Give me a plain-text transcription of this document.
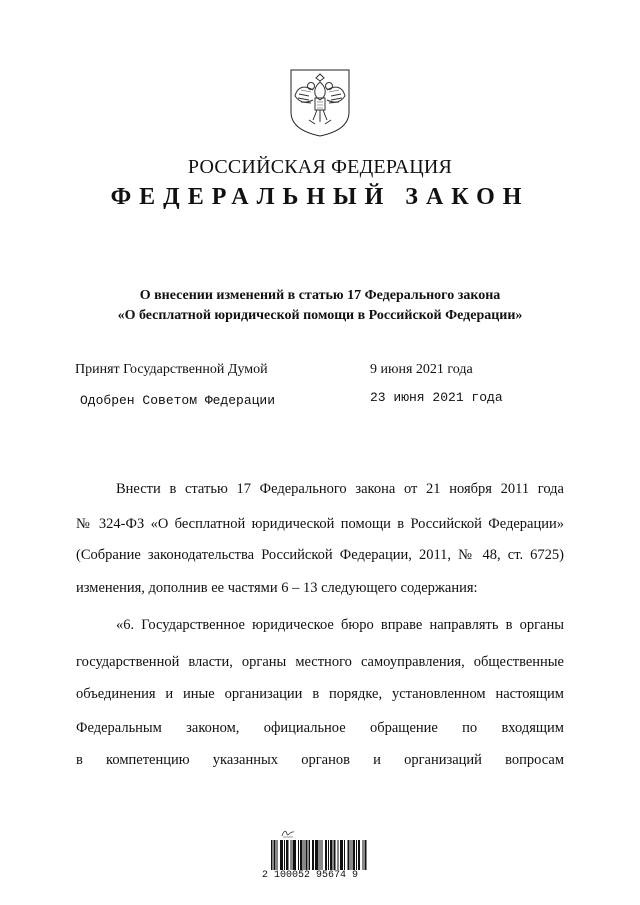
РОССИЙСКАЯ ФЕДЕРАЦИЯ
ФЕДЕРАЛЬНЫЙ ЗАКОН
О внесении изменений в статью 17 Федерального закона
«О бесплатной юридической помощи в Российской Федерации»
Принят Государственной Думой	9 июня 2021 года
Одобрен Советом Федерации	23 июня 2021 года
Внести в статью 17 Федерального закона от 21 ноября 2011 года
№ 324-ФЗ «О бесплатной юридической помощи в Российской Федерации»
(Собрание законодательства Российской Федерации, 2011, № 48, ст. 6725)
изменения, дополнив ее частями 6 – 13 следующего содержания:
«6. Государственное юридическое бюро вправе направлять в органы
государственной власти, органы местного самоуправления, общественные
объединения и иные организации в порядке, установленном настоящим
Федеральным законом, официальное обращение по входящим
в компетенцию указанных органов и организаций вопросам
2 100052 95674 9
